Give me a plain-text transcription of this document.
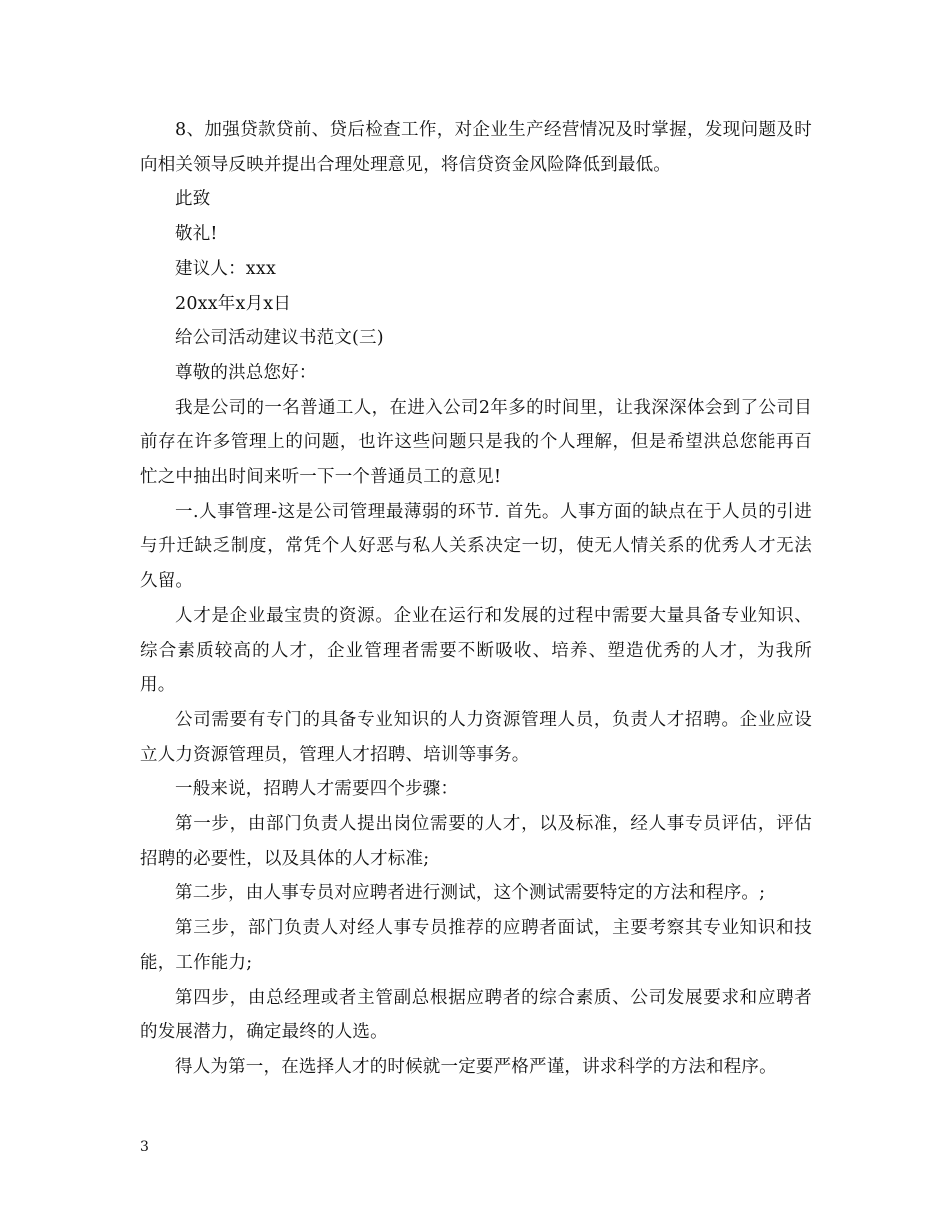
8、加强贷款贷前、贷后检查工作，对企业生产经营情况及时掌握，发现问题及时向相关领导反映并提出合理处理意见，将信贷资金风险降低到最低。

此致

敬礼!

建议人：xxx

20xx年x月x日

给公司活动建议书范文(三)

尊敬的洪总您好：

我是公司的一名普通工人，在进入公司2年多的时间里，让我深深体会到了公司目前存在许多管理上的问题，也许这些问题只是我的个人理解，但是希望洪总您能再百忙之中抽出时间来听一下一个普通员工的意见!

一.人事管理-这是公司管理最薄弱的环节. 首先。人事方面的缺点在于人员的引进与升迁缺乏制度，常凭个人好恶与私人关系决定一切，使无人情关系的优秀人才无法久留。

人才是企业最宝贵的资源。企业在运行和发展的过程中需要大量具备专业知识、综合素质较高的人才，企业管理者需要不断吸收、培养、塑造优秀的人才，为我所用。

公司需要有专门的具备专业知识的人力资源管理人员，负责人才招聘。企业应设立人力资源管理员，管理人才招聘、培训等事务。

一般来说，招聘人才需要四个步骤：

第一步，由部门负责人提出岗位需要的人才，以及标准，经人事专员评估，评估招聘的必要性，以及具体的人才标准;

第二步，由人事专员对应聘者进行测试，这个测试需要特定的方法和程序。;

第三步，部门负责人对经人事专员推荐的应聘者面试，主要考察其专业知识和技能，工作能力;

第四步，由总经理或者主管副总根据应聘者的综合素质、公司发展要求和应聘者的发展潜力，确定最终的人选。

得人为第一，在选择人才的时候就一定要严格严谨，讲求科学的方法和程序。

3
